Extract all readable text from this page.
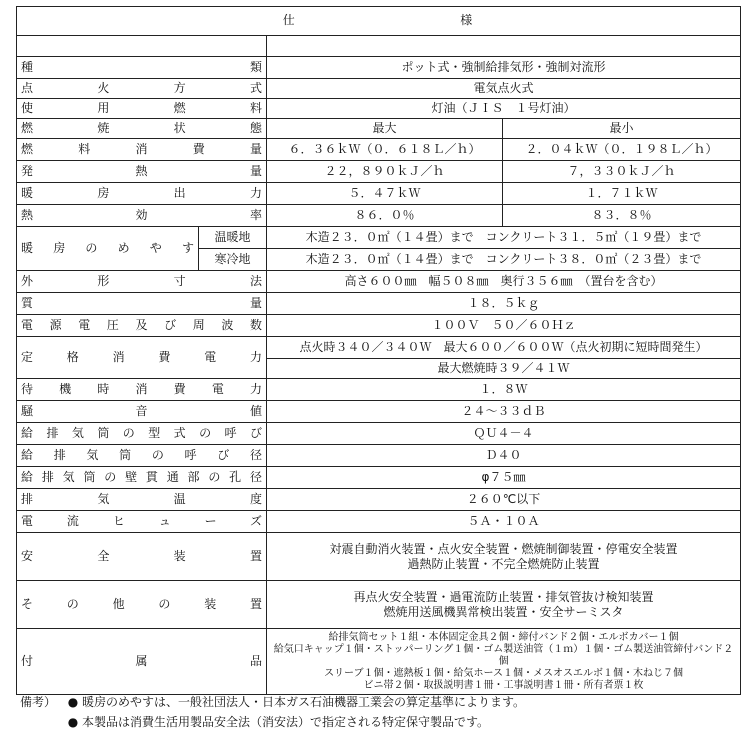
仕 様			

種類		ポット式・強制給排気形・強制対流形	
点火方式		電気点火式	
使用燃料		灯油（ＪＩＳ　１号灯油）	
燃焼状態		最大	最小
燃料消費量		６．３６ｋＷ（０．６１８Ｌ／ｈ）	２．０４ｋＷ（０．１９８Ｌ／ｈ）
発熱量		２２，８９０ｋＪ／ｈ	７，３３０ｋＪ／ｈ
暖房出力		５．４７ｋＷ	１．７１ｋＷ
熱効率		８６．０％	８３．８％
暖房のめやす	温暖地	木造２３．０㎡（１４畳）まで　コンクリート３１．５㎡（１９畳）まで	
	寒冷地	木造２３．０㎡（１４畳）まで　コンクリート３８．０㎡（２３畳）まで	
外形寸法		高さ６００㎜　幅５０８㎜　奥行３５６㎜　（置台を含む）	
質量		１８．５ｋｇ	
電源電圧及び周波数		１００Ｖ　５０／６０Ｈｚ	
定格消費電力		点火時３４０／３４０Ｗ　最大６００／６００Ｗ（点火初期に短時間発生）	
		最大燃焼時３９／４１Ｗ	
待機時消費電力		１．８Ｗ	
騒音値		２４～３３ｄＢ	
給排気筒の型式の呼び		ＱＵ４－４	
給排気筒の呼び径		Ｄ４０	
給排気筒の壁貫通部の孔径		φ７５㎜	
排気温度		２６０℃以下	
電流ヒューズ		５Ａ・１０Ａ	
安全装置		対震自動消火装置・点火安全装置・燃焼制御装置・停電安全装置
過熱防止装置・不完全燃焼防止装置	

その他の装置		再点火安全装置・過電流防止装置・排気管抜け検知装置
燃焼用送風機異常検出装置・安全サーミスタ	

付属品		給排気筒セット１組・本体固定金具２個・締付バンド２個・エルボカバー１個
給気口キャップ１個・ストッパーリング１個・ゴム製送油管（１ｍ）１個・ゴム製送油管締付バンド２個
スリーブ１個・遮熱板１個・給気ホース１個・メスオスエルボ１個・木ねじ７個
ビニ帯２個・取扱説明書１冊・工事説明書１冊・所有者票１枚	
備考） ● 暖房のめやすは、一般社団法人・日本ガス石油機器工業会の算定基準によります。
● 本製品は消費生活用製品安全法（消安法）で指定される特定保守製品です。
